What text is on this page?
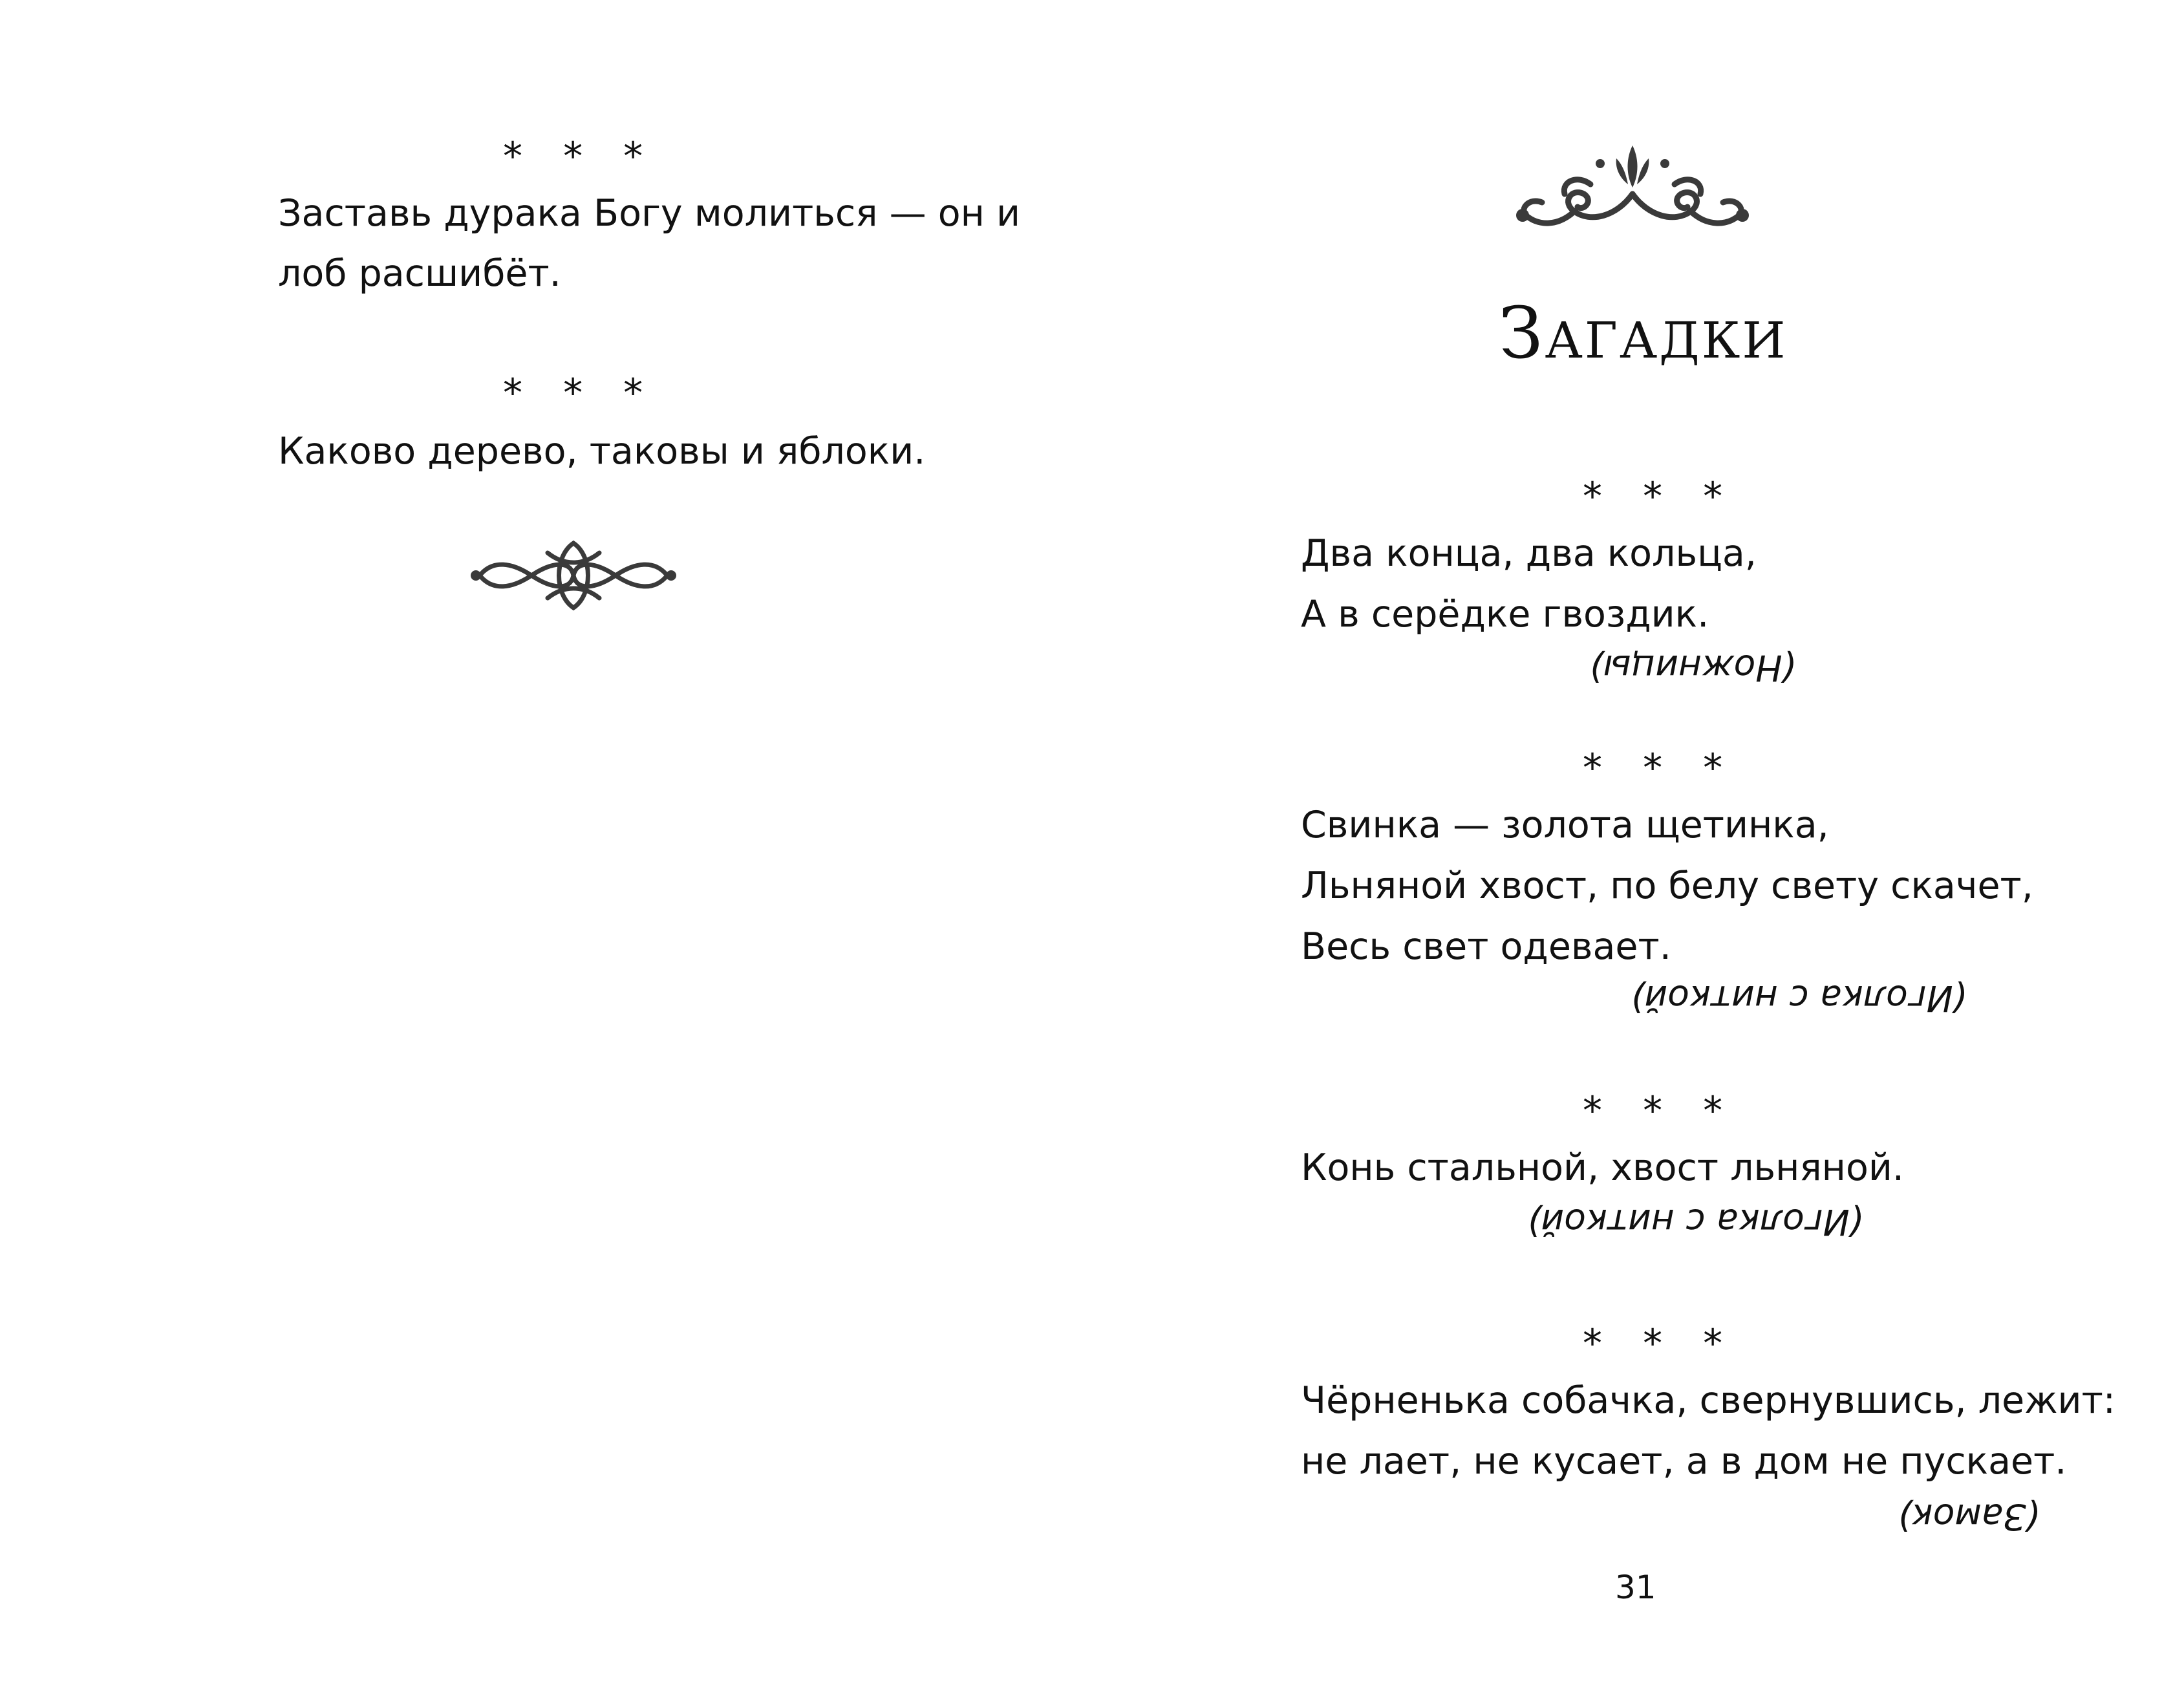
* * *
Заставь дурака Богу молиться — он и
лоб расшибёт.
* * *
Каково дерево, таковы и яблоки.
Загадки
* * *
Два конца, два кольца,
А в серёдке гвоздик.
(Ножницы)
* * *
Свинка — золота щетинка,
Льняной хвост, по белу свету скачет,
Весь свет одевает.
(Иголка с ниткой)
* * *
Конь стальной, хвост льняной.
(Иголка с ниткой)
* * *
Чёрненька собачка, свернувшись, лежит:
не лает, не кусает, а в дом не пускает.
(Замок)
31
